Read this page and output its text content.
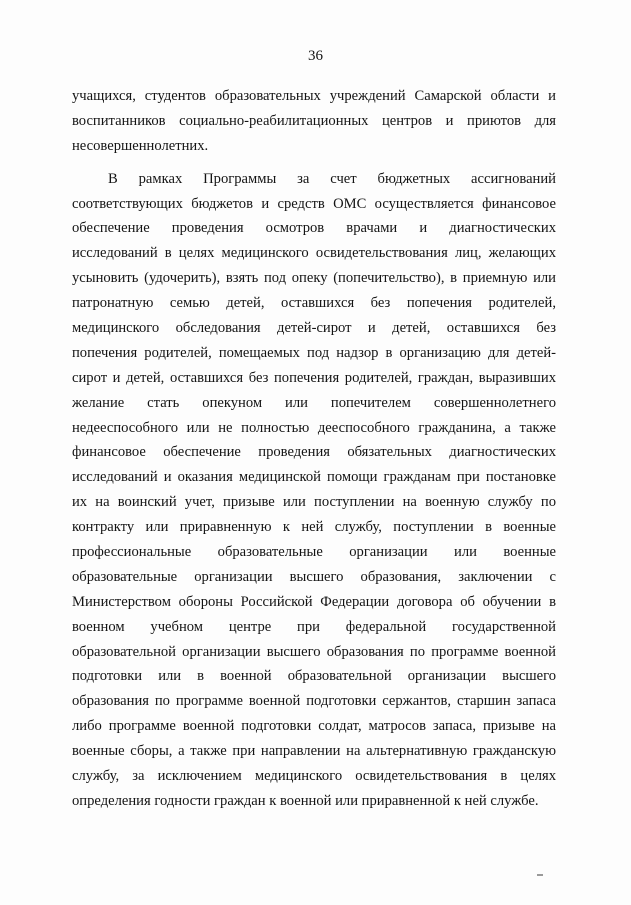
36
учащихся, студентов образовательных учреждений Самарской области и
воспитанников социально-реабилитационных центров и приютов для
несовершеннолетних.
В рамках Программы за счет бюджетных ассигнований
соответствующих бюджетов и средств ОМС осуществляется финансовое
обеспечение проведения осмотров врачами и диагностических
исследований в целях медицинского освидетельствования лиц, желающих
усыновить (удочерить), взять под опеку (попечительство), в приемную или
патронатную семью детей, оставшихся без попечения родителей,
медицинского обследования детей-сирот и детей, оставшихся без
попечения родителей, помещаемых под надзор в организацию для детей-
сирот и детей, оставшихся без попечения родителей, граждан, выразивших
желание стать опекуном или попечителем совершеннолетнего
недееспособного или не полностью дееспособного гражданина, а также
финансовое обеспечение проведения обязательных диагностических
исследований и оказания медицинской помощи гражданам при постановке
их на воинский учет, призыве или поступлении на военную службу по
контракту или приравненную к ней службу, поступлении в военные
профессиональные образовательные организации или военные
образовательные организации высшего образования, заключении с
Министерством обороны Российской Федерации договора об обучении в
военном учебном центре при федеральной государственной
образовательной организации высшего образования по программе военной
подготовки или в военной образовательной организации высшего
образования по программе военной подготовки сержантов, старшин запаса
либо программе военной подготовки солдат, матросов запаса, призыве на
военные сборы, а также при направлении на альтернативную гражданскую
службу, за исключением медицинского освидетельствования в целях
определения годности граждан к военной или приравненной к ней службе.
